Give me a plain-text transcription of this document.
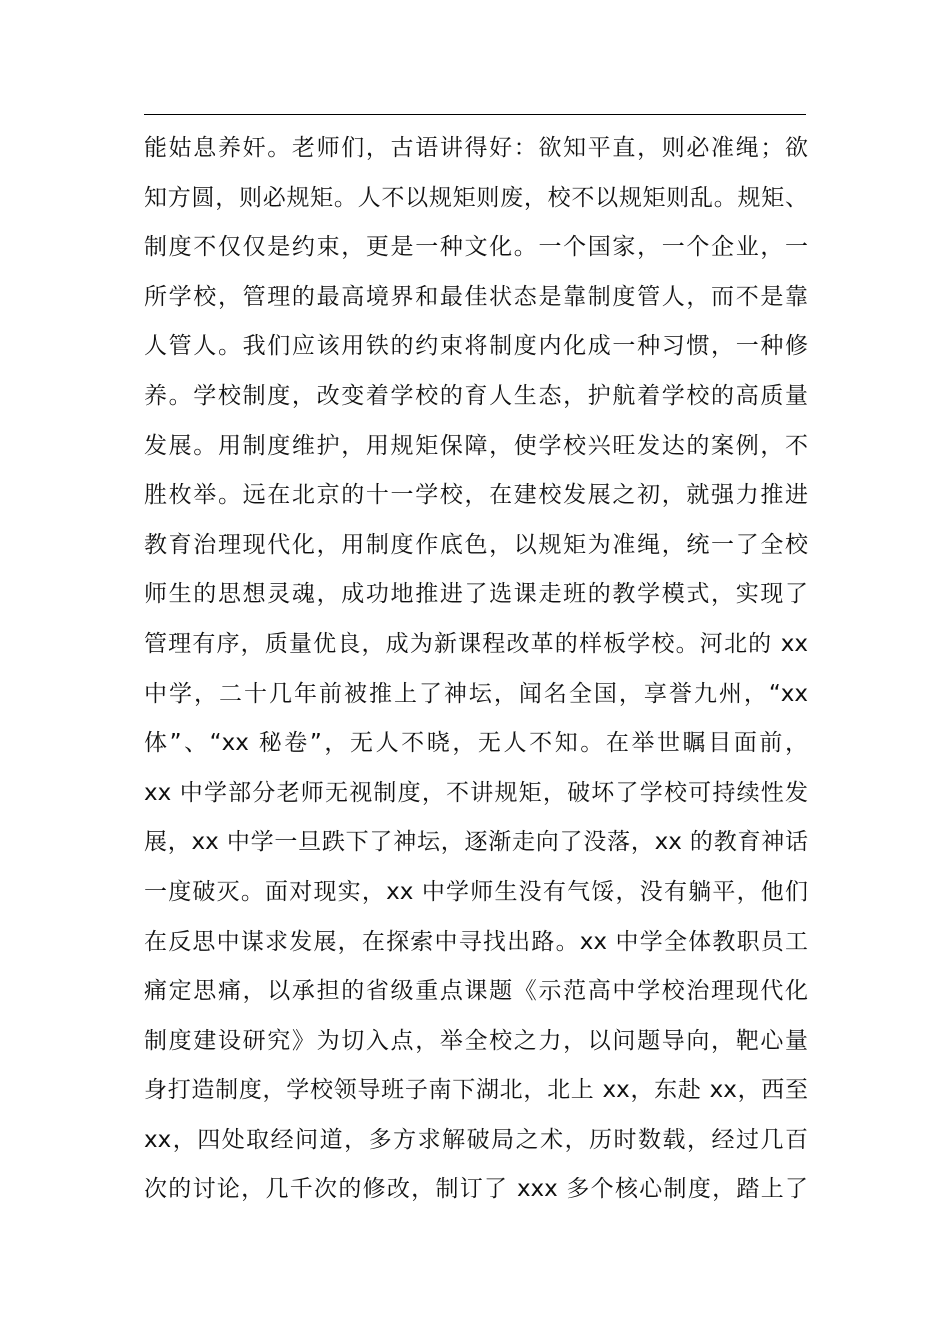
能姑息养奸。老师们，古语讲得好：欲知平直，则必准绳；欲
知方圆，则必规矩。人不以规矩则废，校不以规矩则乱。规矩、
制度不仅仅是约束，更是一种文化。一个国家，一个企业，一
所学校，管理的最高境界和最佳状态是靠制度管人，而不是靠
人管人。我们应该用铁的约束将制度内化成一种习惯，一种修
养。学校制度，改变着学校的育人生态，护航着学校的高质量
发展。用制度维护，用规矩保障，使学校兴旺发达的案例，不
胜枚举。远在北京的十一学校，在建校发展之初，就强力推进
教育治理现代化，用制度作底色，以规矩为准绳，统一了全校
师生的思想灵魂，成功地推进了选课走班的教学模式，实现了
管理有序，质量优良，成为新课程改革的样板学校。河北的 xx
中学，二十几年前被推上了神坛，闻名全国，享誉九州，“xx
体”、“xx 秘卷”，无人不晓，无人不知。在举世瞩目面前，
xx 中学部分老师无视制度，不讲规矩，破坏了学校可持续性发
展，xx 中学一旦跌下了神坛，逐渐走向了没落，xx 的教育神话
一度破灭。面对现实，xx 中学师生没有气馁，没有躺平，他们
在反思中谋求发展，在探索中寻找出路。xx 中学全体教职员工
痛定思痛，以承担的省级重点课题《示范高中学校治理现代化
制度建设研究》为切入点，举全校之力，以问题导向，靶心量
身打造制度，学校领导班子南下湖北，北上 xx，东赴 xx，西至
xx，四处取经问道，多方求解破局之术，历时数载，经过几百
次的讨论，几千次的修改，制订了 xxx 多个核心制度，踏上了
